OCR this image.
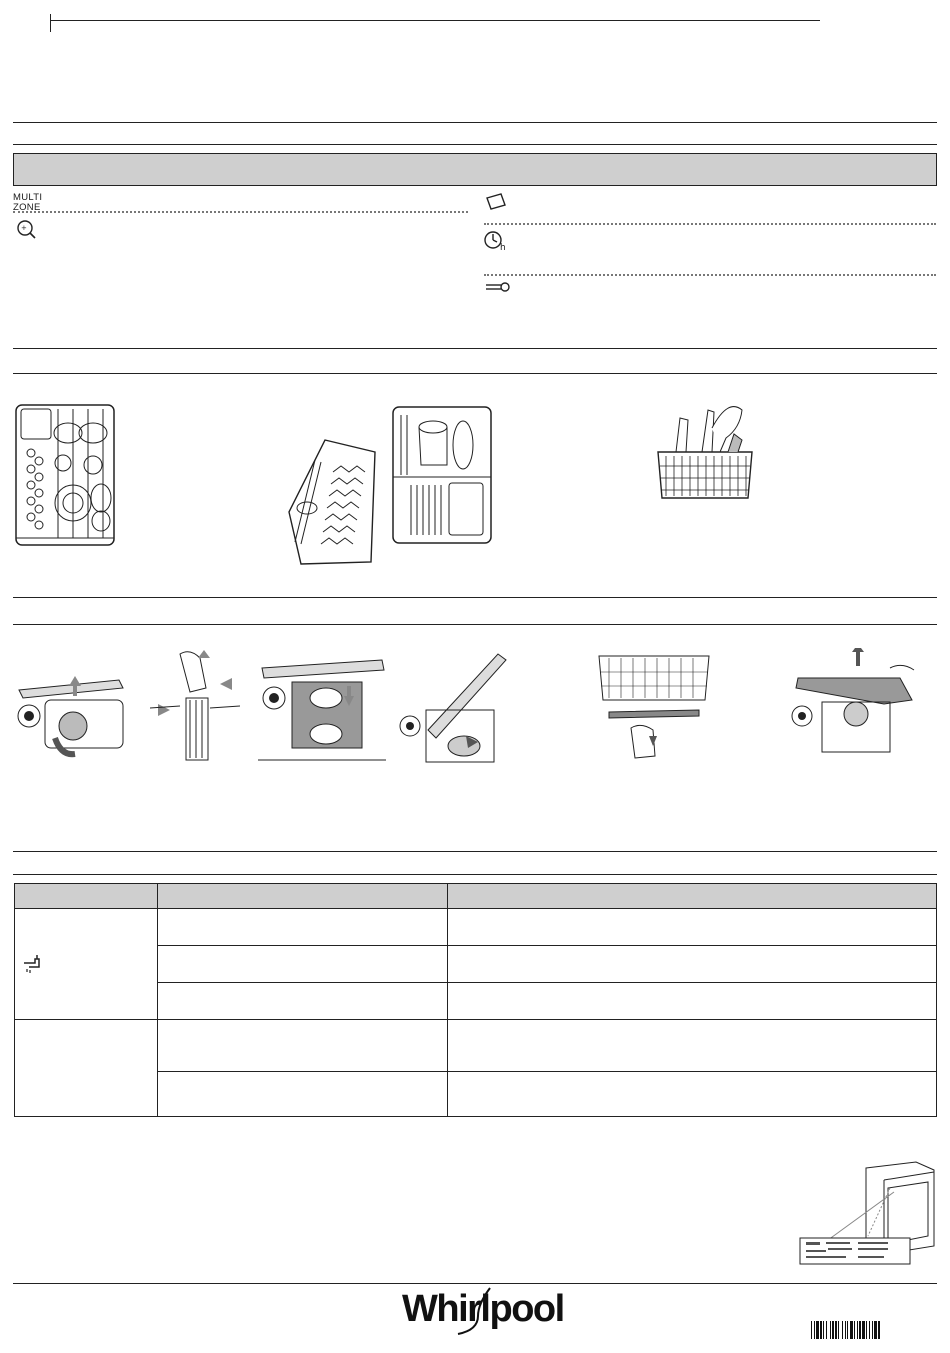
MULTI
ZONE
+
h

Whirlpool
